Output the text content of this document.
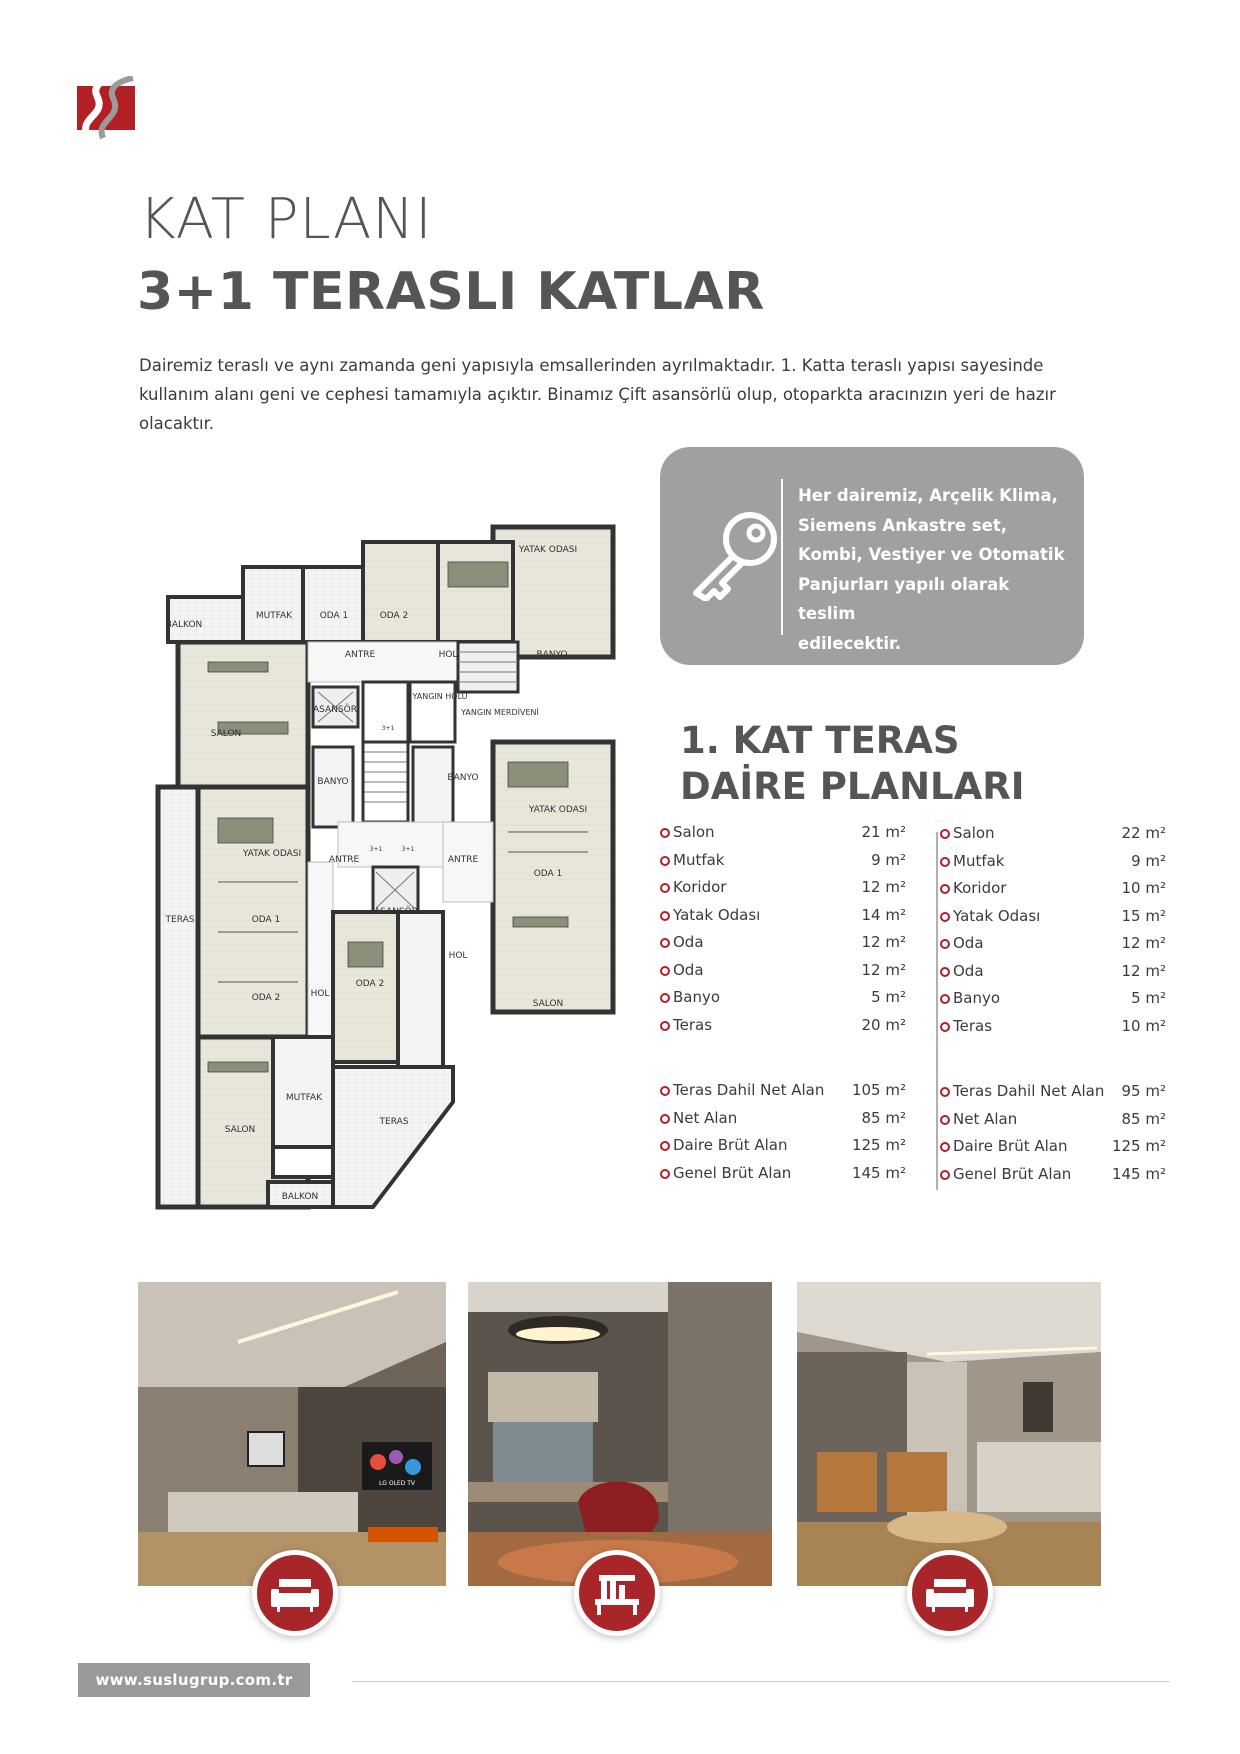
KAT PLANI
3+1 TERASLI KATLAR

Dairemiz teraslı ve aynı zamanda geni yapısıyla emsallerinden ayrılmaktadır. 1. Katta teraslı yapısı sayesinde

kullanım alanı geni ve cephesi tamamıyla açıktır. Binamız Çift asansörlü olup, otoparkta aracınızın yeri de hazır

olacaktır.

Her dairemiz, Arçelik Klima,
Siemens Ankastre set,
Kombi, Vestiyer ve Otomatik
Panjurları yapılı olarak teslim
edilecektir.
1. KAT TERAS
DAİRE PLANLARI
Salon	21 m²
Mutfak	9 m²
Koridor	12 m²
Yatak Odası	14 m²
Oda	12 m²
Oda	12 m²
Banyo	5 m²
Teras	20 m²
Teras Dahil Net Alan 105 m²
Net Alan	85 m²
Daire Brüt Alan	125 m²
Genel Brüt Alan	145 m²
Salon	22 m²
Mutfak	9 m²
Koridor	10 m²
Yatak Odası	15 m²
Oda	12 m²
Oda	12 m²
Banyo	5 m²
Teras	10 m²
Teras Dahil Net Alan 95 m²
Net Alan	85 m²
Daire Brüt Alan	125 m²
Genel Brüt Alan	145 m²
BALKON
MUTFAK	ODA 1	ODA 2
YATAK ODASI
ANTRE	HOL	BANYO
SALON
ASANSÖR
YANGIN HOLÜ
YANGIN MERDİVENİ
BANYO	BANYO
YATAK ODASI
YATAK ODASI
ANTRE	ANTRE
ODA 1
TERAS	ODA 1
ASANSÖR
HOL
ODA 2	HOL
ODA 2
SALON
SALON
MUTFAK
TERAS
BALKON
3+1
3+1	3+1
LG OLED TV
www.suslugrup.com.tr
